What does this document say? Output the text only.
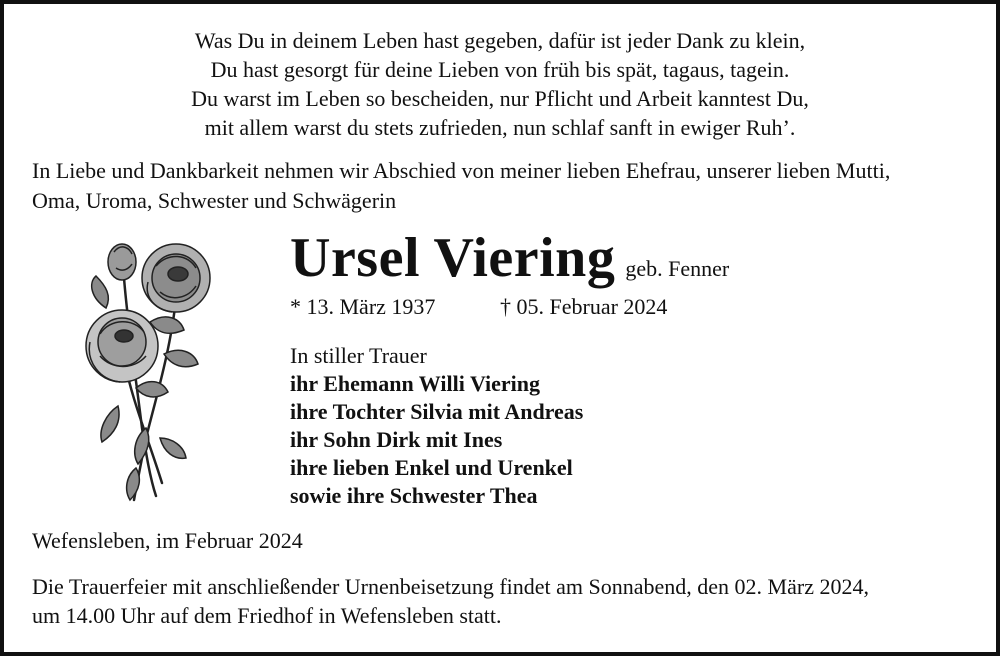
Was Du in deinem Leben hast gegeben, dafür ist jeder Dank zu klein,
Du hast gesorgt für deine Lieben von früh bis spät, tagaus, tagein.
Du warst im Leben so bescheiden, nur Pflicht und Arbeit kanntest Du,
mit allem warst du stets zufrieden, nun schlaf sanft in ewiger Ruh’.
In Liebe und Dankbarkeit nehmen wir Abschied von meiner lieben Ehefrau, unserer lieben Mutti,
Oma, Uroma, Schwester und Schwägerin
Ursel Viering geb. Fenner
* 13. März 1937	† 05. Februar 2024
In stiller Trauer
ihr Ehemann Willi Viering
ihre Tochter Silvia mit Andreas
ihr Sohn Dirk mit Ines
ihre lieben Enkel und Urenkel
sowie ihre Schwester Thea
Wefensleben, im Februar 2024
Die Trauerfeier mit anschließender Urnenbeisetzung findet am Sonnabend, den 02. März 2024,
um 14.00 Uhr auf dem Friedhof in Wefensleben statt.
